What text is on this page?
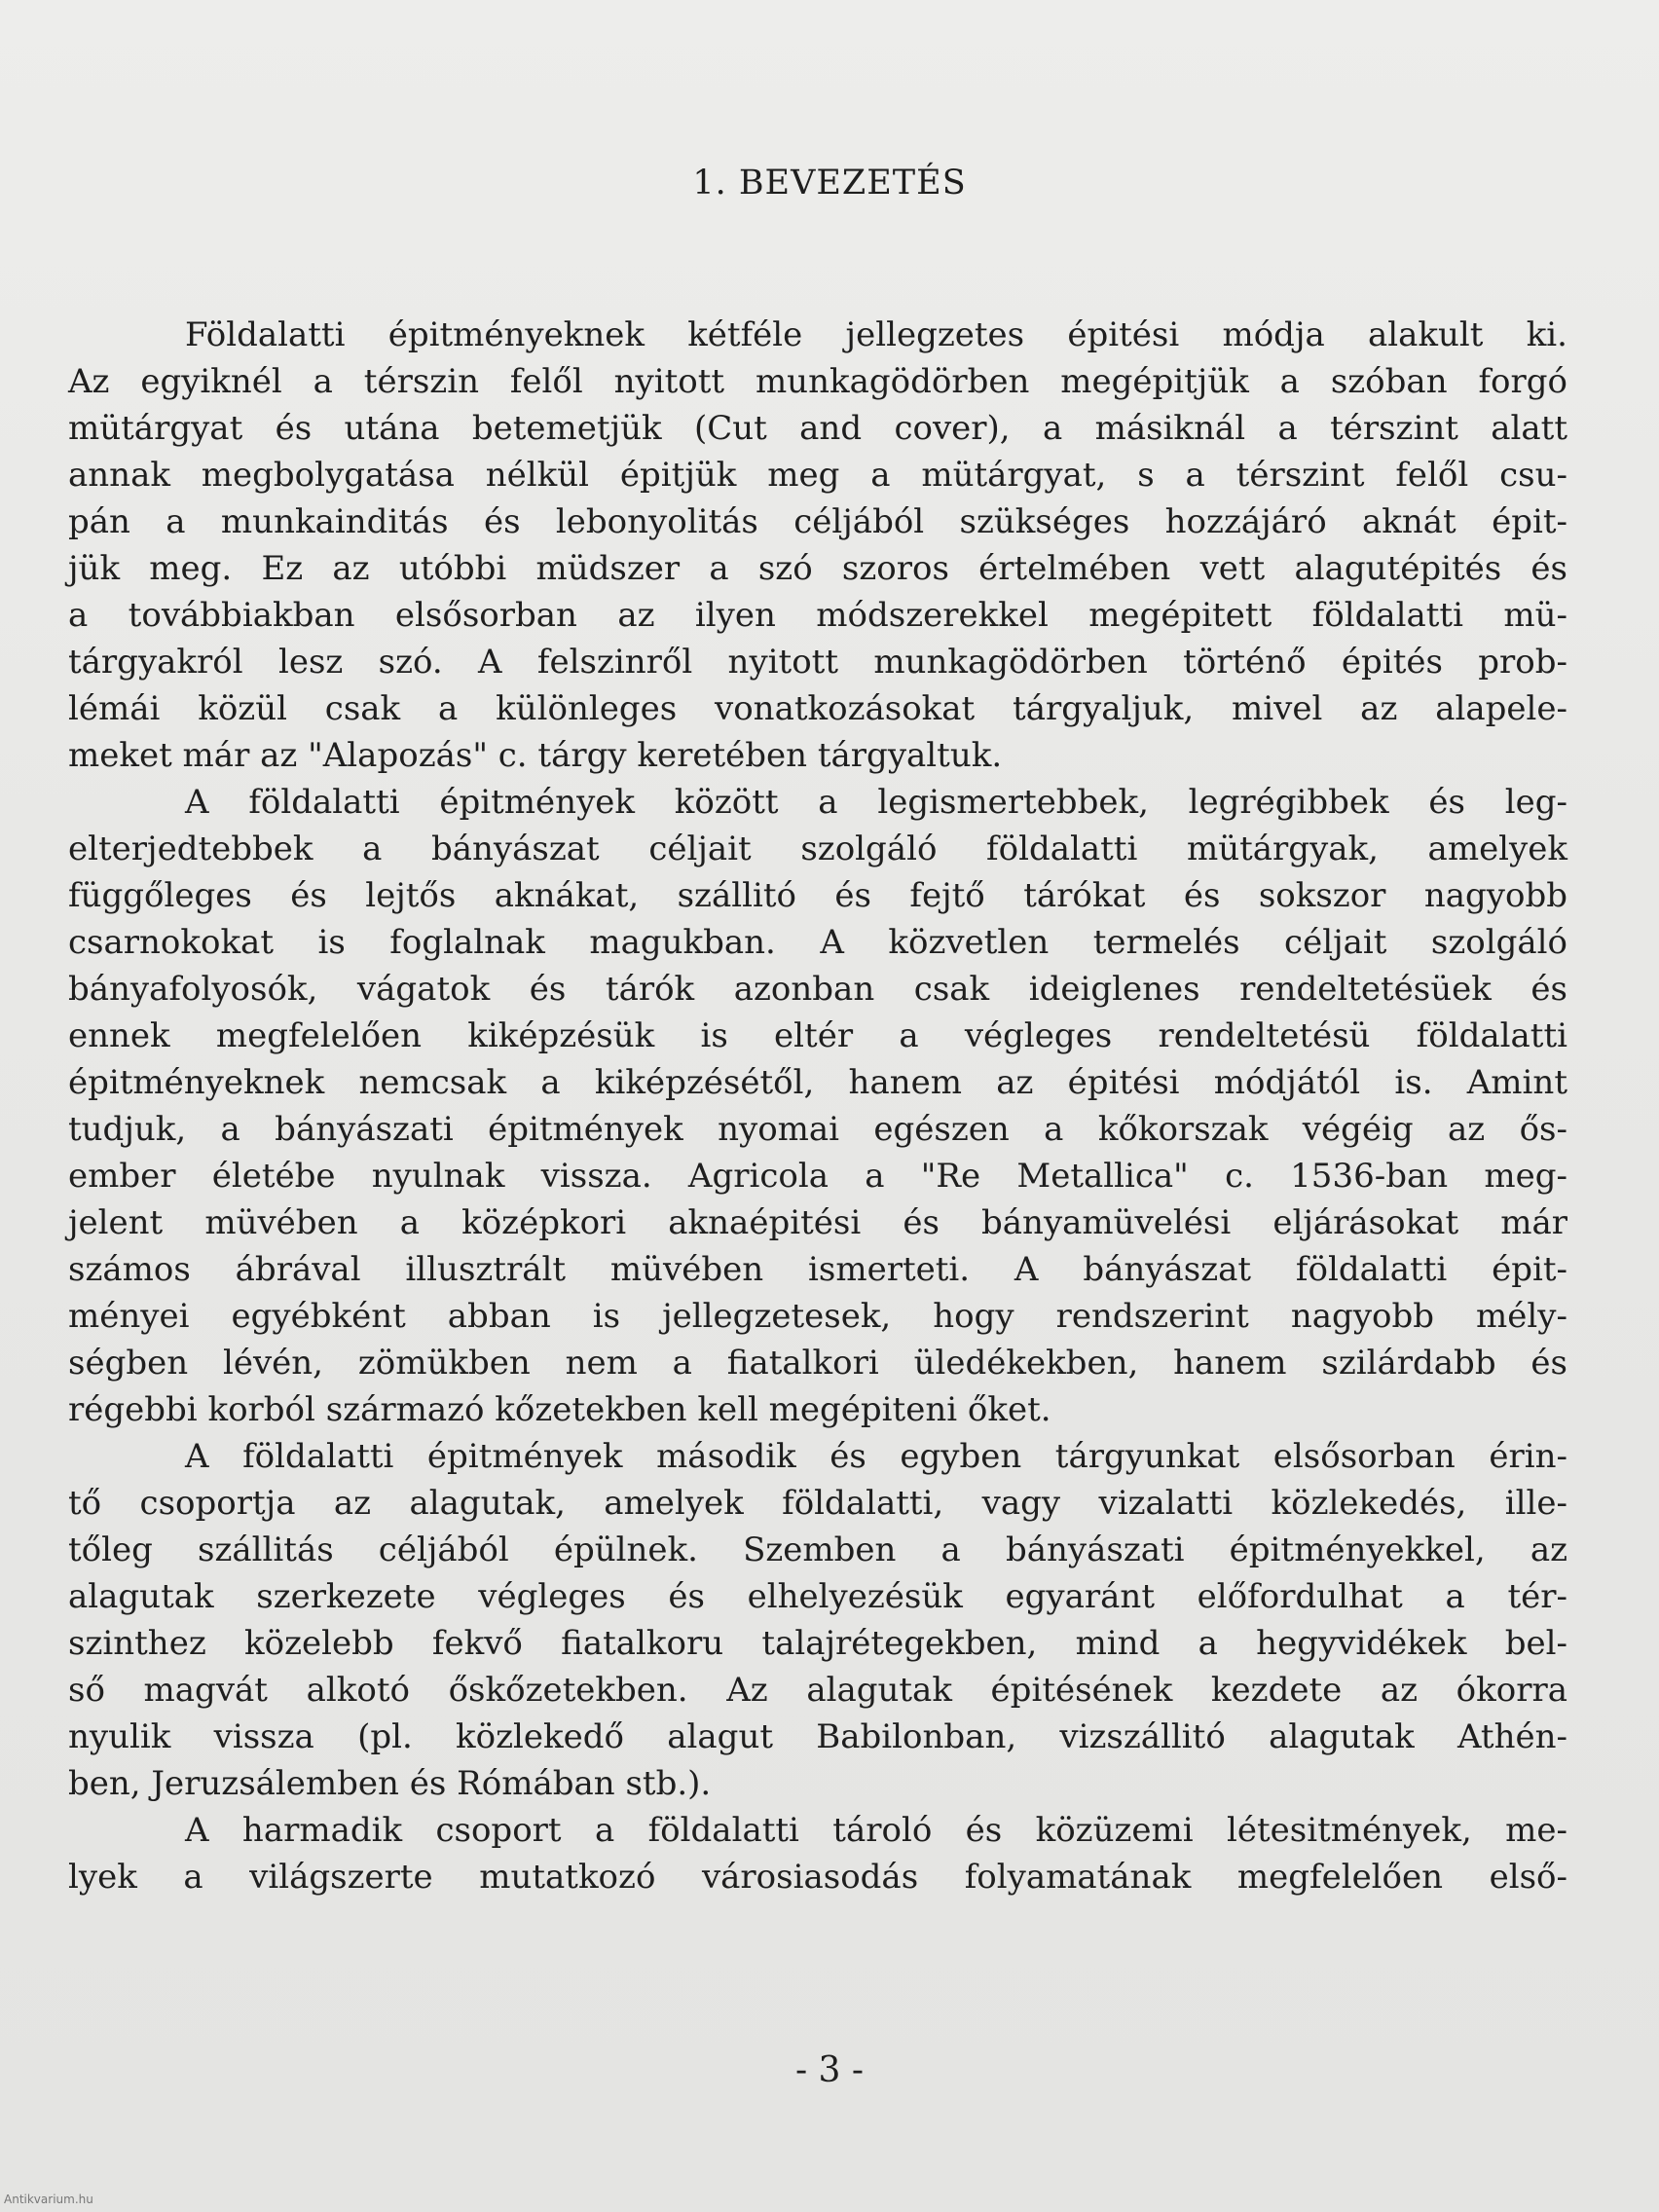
1. BEVEZETÉS
Földalatti épitményeknek kétféle jellegzetes épitési módja alakult ki.
Az egyiknél a térszin felől nyitott munkagödörben megépitjük a szóban forgó
mütárgyat és utána betemetjük (Cut and cover), a másiknál a térszint alatt
annak megbolygatása nélkül épitjük meg a mütárgyat, s a térszint felől csu-
pán a munkainditás és lebonyolitás céljából szükséges hozzájáró aknát épit-
jük meg. Ez az utóbbi müdszer a szó szoros értelmében vett alagutépités és
a továbbiakban elsősorban az ilyen módszerekkel megépitett földalatti mü-
tárgyakról lesz szó. A felszinről nyitott munkagödörben történő épités prob-
lémái közül csak a különleges vonatkozásokat tárgyaljuk, mivel az alapele-
meket már az "Alapozás" c. tárgy keretében tárgyaltuk.
A földalatti épitmények között a legismertebbek, legrégibbek és leg-
elterjedtebbek a bányászat céljait szolgáló földalatti mütárgyak, amelyek
függőleges és lejtős aknákat, szállitó és fejtő tárókat és sokszor nagyobb
csarnokokat is foglalnak magukban. A közvetlen termelés céljait szolgáló
bányafolyosók, vágatok és tárók azonban csak ideiglenes rendeltetésüek és
ennek megfelelően kiképzésük is eltér a végleges rendeltetésü földalatti
épitményeknek nemcsak a kiképzésétől, hanem az épitési módjától is. Amint
tudjuk, a bányászati épitmények nyomai egészen a kőkorszak végéig az ős-
ember életébe nyulnak vissza. Agricola a "Re Metallica" c. 1536-ban meg-
jelent müvében a középkori aknaépitési és bányamüvelési eljárásokat már
számos ábrával illusztrált müvében ismerteti. A bányászat földalatti épit-
ményei egyébként abban is jellegzetesek, hogy rendszerint nagyobb mély-
ségben lévén, zömükben nem a fiatalkori üledékekben, hanem szilárdabb és
régebbi korból származó kőzetekben kell megépiteni őket.
A földalatti épitmények második és egyben tárgyunkat elsősorban érin-
tő csoportja az alagutak, amelyek földalatti, vagy vizalatti közlekedés, ille-
tőleg szállitás céljából épülnek. Szemben a bányászati épitményekkel, az
alagutak szerkezete végleges és elhelyezésük egyaránt előfordulhat a tér-
szinthez közelebb fekvő fiatalkoru talajrétegekben, mind a hegyvidékek bel-
ső magvát alkotó őskőzetekben. Az alagutak épitésének kezdete az ókorra
nyulik vissza (pl. közlekedő alagut Babilonban, vizszállitó alagutak Athén-
ben, Jeruzsálemben és Rómában stb.).
A harmadik csoport a földalatti tároló és közüzemi létesitmények, me-
lyek a világszerte mutatkozó városiasodás folyamatának megfelelően első-
- 3 -
Antikvarium.hu
